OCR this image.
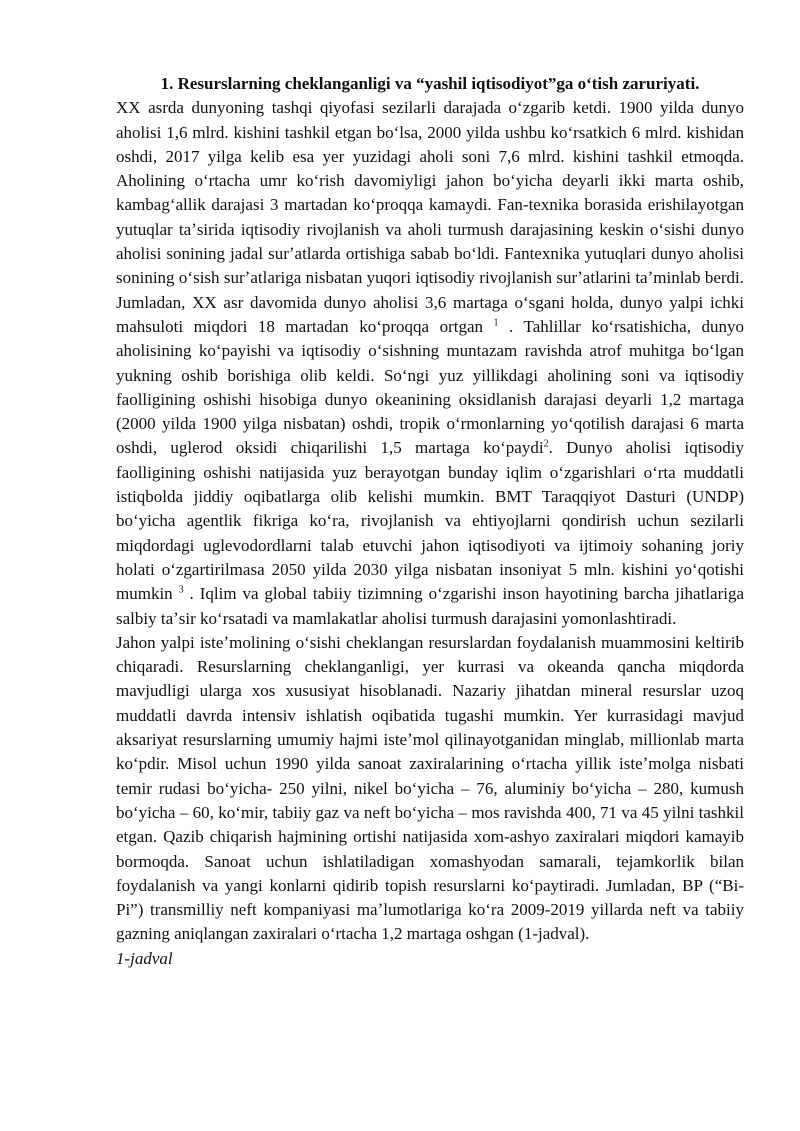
1. Resurslarning cheklanganligi va “yashil iqtisodiyot”ga oʻtish zaruriyati.

XX asrda dunyoning tashqi qiyofasi sezilarli darajada oʻzgarib ketdi. 1900 yilda dunyo aholisi 1,6 mlrd. kishini tashkil etgan boʻlsa, 2000 yilda ushbu koʻrsatkich 6 mlrd. kishidan oshdi, 2017 yilga kelib esa yer yuzidagi aholi soni 7,6 mlrd. kishini tashkil etmoqda. Aholining oʻrtacha umr koʻrish davomiyligi jahon boʻyicha deyarli ikki marta oshib, kambagʻallik darajasi 3 martadan koʻproqqa kamaydi. Fan-texnika borasida erishilayotgan yutuqlar taʼsirida iqtisodiy rivojlanish va aholi turmush darajasining keskin oʻsishi dunyo aholisi sonining jadal surʼatlarda ortishiga sabab boʻldi. Fantexnika yutuqlari dunyo aholisi sonining oʻsish surʼatlariga nisbatan yuqori iqtisodiy rivojlanish surʼatlarini taʼminlab berdi. Jumladan, XX asr davomida dunyo aholisi 3,6 martaga oʻsgani holda, dunyo yalpi ichki mahsuloti miqdori 18 martadan koʻproqqa ortgan $^1$ . Tahlillar koʻrsatishicha, dunyo aholisining koʻpayishi va iqtisodiy oʻsishning muntazam ravishda atrof muhitga boʻlgan yukning oshib borishiga olib keldi. Soʻngi yuz yillikdagi aholining soni va iqtisodiy faolligining oshishi hisobiga dunyo okeanining oksidlanish darajasi deyarli 1,2 martaga (2000 yilda 1900 yilga nisbatan) oshdi, tropik oʻrmonlarning yoʻqotilish darajasi 6 marta oshdi, uglerod oksidi chiqarilishi 1,5 martaga koʻpaydi$^2$. Dunyo aholisi iqtisodiy faolligining oshishi natijasida yuz berayotgan bunday iqlim oʻzgarishlari oʻrta muddatli istiqbolda jiddiy oqibatlarga olib kelishi mumkin. BMT Taraqqiyot Dasturi (UNDP) boʻyicha agentlik fikriga koʻra, rivojlanish va ehtiyojlarni qondirish uchun sezilarli miqdordagi uglevodordlarni talab etuvchi jahon iqtisodiyoti va ijtimoiy sohaning joriy holati oʻzgartirilmasa 2050 yilda 2030 yilga nisbatan insoniyat 5 mln. kishini yoʻqotishi mumkin $^3$ . Iqlim va global tabiiy tizimning oʻzgarishi inson hayotining barcha jihatlariga salbiy taʼsir koʻrsatadi va mamlakatlar aholisi turmush darajasini yomonlashtiradi.

Jahon yalpi isteʼmolining oʻsishi cheklangan resurslardan foydalanish muammosini keltirib chiqaradi. Resurslarning cheklanganligi, yer kurrasi va okeanda qancha miqdorda mavjudligi ularga xos xususiyat hisoblanadi. Nazariy jihatdan mineral resurslar uzoq muddatli davrda intensiv ishlatish oqibatida tugashi mumkin. Yer kurrasidagi mavjud aksariyat resurslarning umumiy hajmi isteʼmol qilinayotganidan minglab, millionlab marta koʻpdir. Misol uchun 1990 yilda sanoat zaxiralarining oʻrtacha yillik isteʼmolga nisbati temir rudasi boʻyicha- 250 yilni, nikel boʻyicha – 76, aluminiy boʻyicha – 280, kumush boʻyicha – 60, koʻmir, tabiiy gaz va neft boʻyicha – mos ravishda 400, 71 va 45 yilni tashkil etgan. Qazib chiqarish hajmining ortishi natijasida xom-ashyo zaxiralari miqdori kamayib bormoqda. Sanoat uchun ishlatiladigan xomashyodan samarali, tejamkorlik bilan foydalanish va yangi konlarni qidirib topish resurslarni koʻpaytiradi. Jumladan, BP (“Bi-Pi”) transmilliy neft kompaniyasi maʼlumotlariga koʻra 2009-2019 yillarda neft va tabiiy gazning aniqlangan zaxiralari oʻrtacha 1,2 martaga oshgan (1-jadval).

1-jadval
